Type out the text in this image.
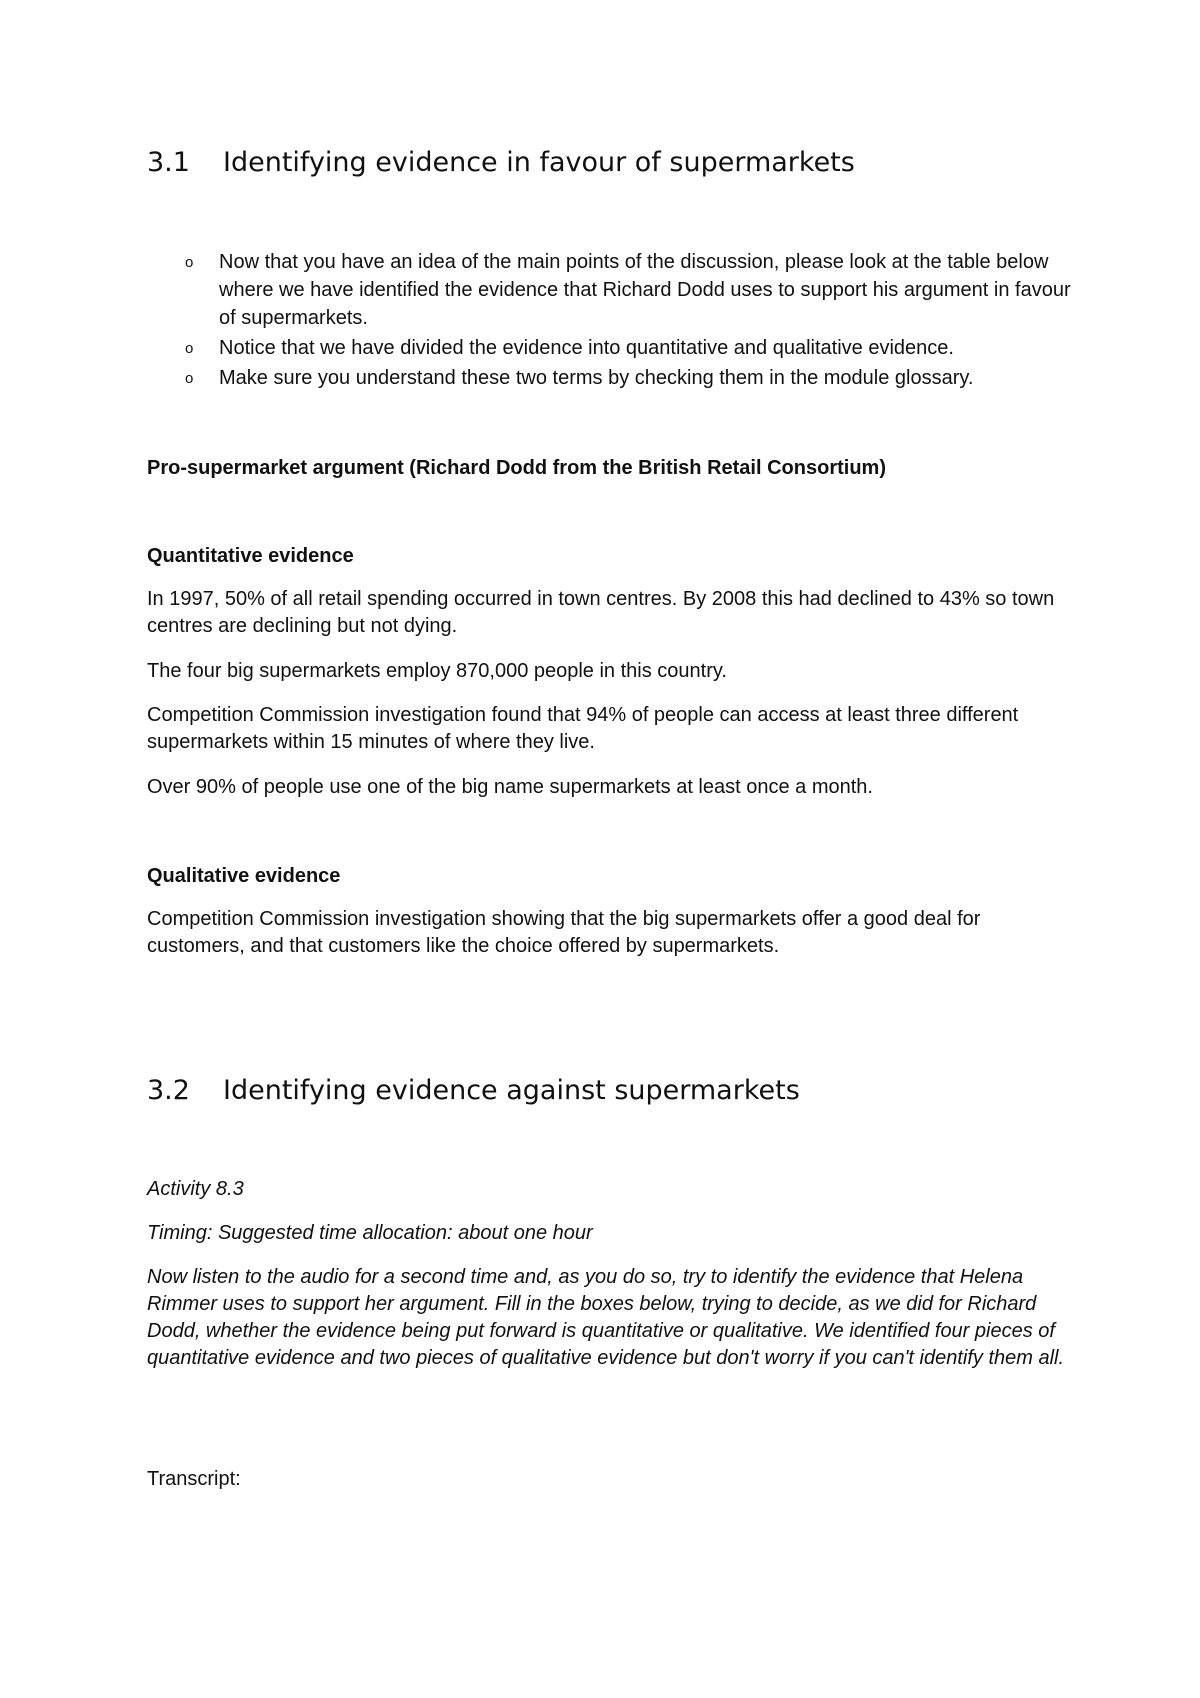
3.1 Identifying evidence in favour of supermarkets
o Now that you have an idea of the main points of the discussion, please look at the table below where we have identified the evidence that Richard Dodd uses to support his argument in favour of supermarkets.
o Notice that we have divided the evidence into quantitative and qualitative evidence.
o Make sure you understand these two terms by checking them in the module glossary.
Pro-supermarket argument (Richard Dodd from the British Retail Consortium)
Quantitative evidence

In 1997, 50% of all retail spending occurred in town centres. By 2008 this had declined to 43% so town centres are declining but not dying.

The four big supermarkets employ 870,000 people in this country.

Competition Commission investigation found that 94% of people can access at least three different supermarkets within 15 minutes of where they live.

Over 90% of people use one of the big name supermarkets at least once a month.

Qualitative evidence

Competition Commission investigation showing that the big supermarkets offer a good deal for customers, and that customers like the choice offered by supermarkets.

3.2 Identifying evidence against supermarkets

Activity 8.3

Timing: Suggested time allocation: about one hour

Now listen to the audio for a second time and, as you do so, try to identify the evidence that Helena Rimmer uses to support her argument. Fill in the boxes below, trying to decide, as we did for Richard Dodd, whether the evidence being put forward is quantitative or qualitative. We identified four pieces of quantitative evidence and two pieces of qualitative evidence but don't worry if you can't identify them all.

Transcript:
